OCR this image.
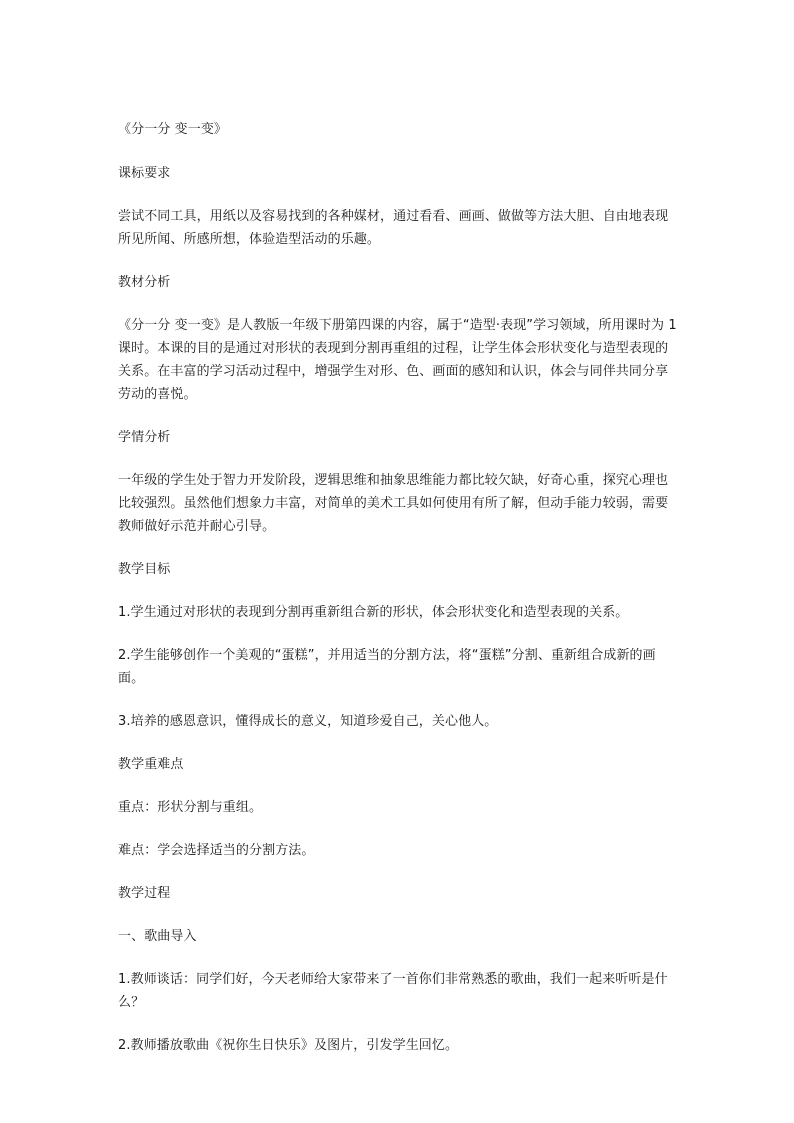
《分一分 变一变》

课标要求

尝试不同工具，用纸以及容易找到的各种媒材，通过看看、画画、做做等方法大胆、自由地表现所见所闻、所感所想，体验造型活动的乐趣。

教材分析

《分一分 变一变》是人教版一年级下册第四课的内容，属于“造型·表现”学习领域，所用课时为 1 课时。本课的目的是通过对形状的表现到分割再重组的过程，让学生体会形状变化与造型表现的关系。在丰富的学习活动过程中，增强学生对形、色、画面的感知和认识，体会与同伴共同分享劳动的喜悦。

学情分析

一年级的学生处于智力开发阶段，逻辑思维和抽象思维能力都比较欠缺，好奇心重，探究心理也比较强烈。虽然他们想象力丰富，对简单的美术工具如何使用有所了解，但动手能力较弱，需要教师做好示范并耐心引导。

教学目标

1.学生通过对形状的表现到分割再重新组合新的形状，体会形状变化和造型表现的关系。

2.学生能够创作一个美观的“蛋糕”，并用适当的分割方法，将“蛋糕”分割、重新组合成新的画面。

3.培养的感恩意识，懂得成长的意义，知道珍爱自己，关心他人。

教学重难点

重点：形状分割与重组。

难点：学会选择适当的分割方法。

教学过程

一、歌曲导入

1.教师谈话：同学们好，今天老师给大家带来了一首你们非常熟悉的歌曲，我们一起来听听是什么？

2.教师播放歌曲《祝你生日快乐》及图片，引发学生回忆。
